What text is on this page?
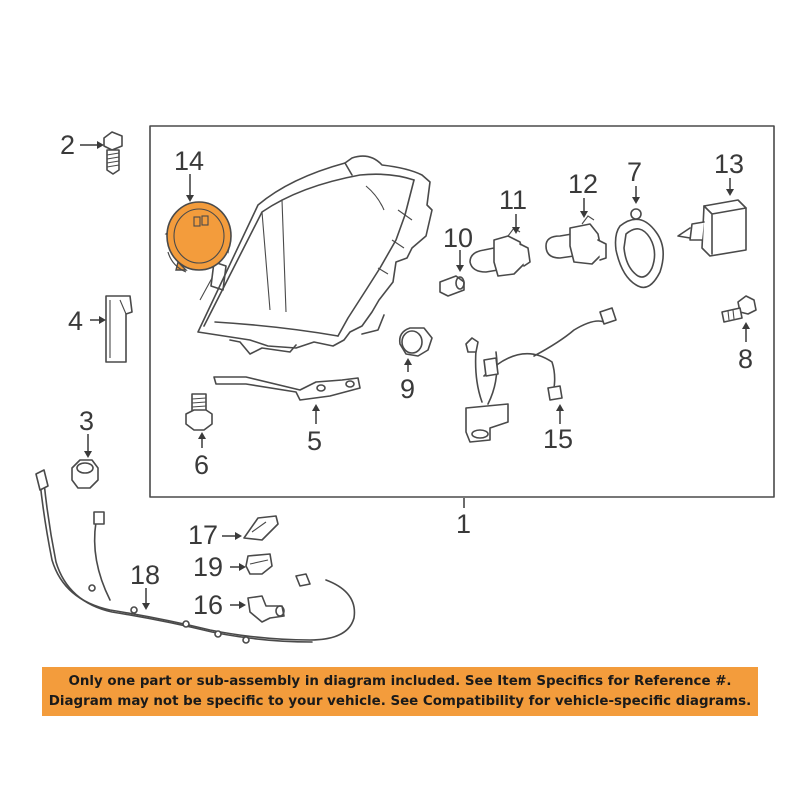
1
2
3
4
5
6
7
8
9
10
11
12
13
14
15
16
17
18 19
Only one part or sub-assembly in diagram included. See Item Specifics for Reference #.
Diagram may not be specific to your vehicle. See Compatibility for vehicle-specific diagrams.
